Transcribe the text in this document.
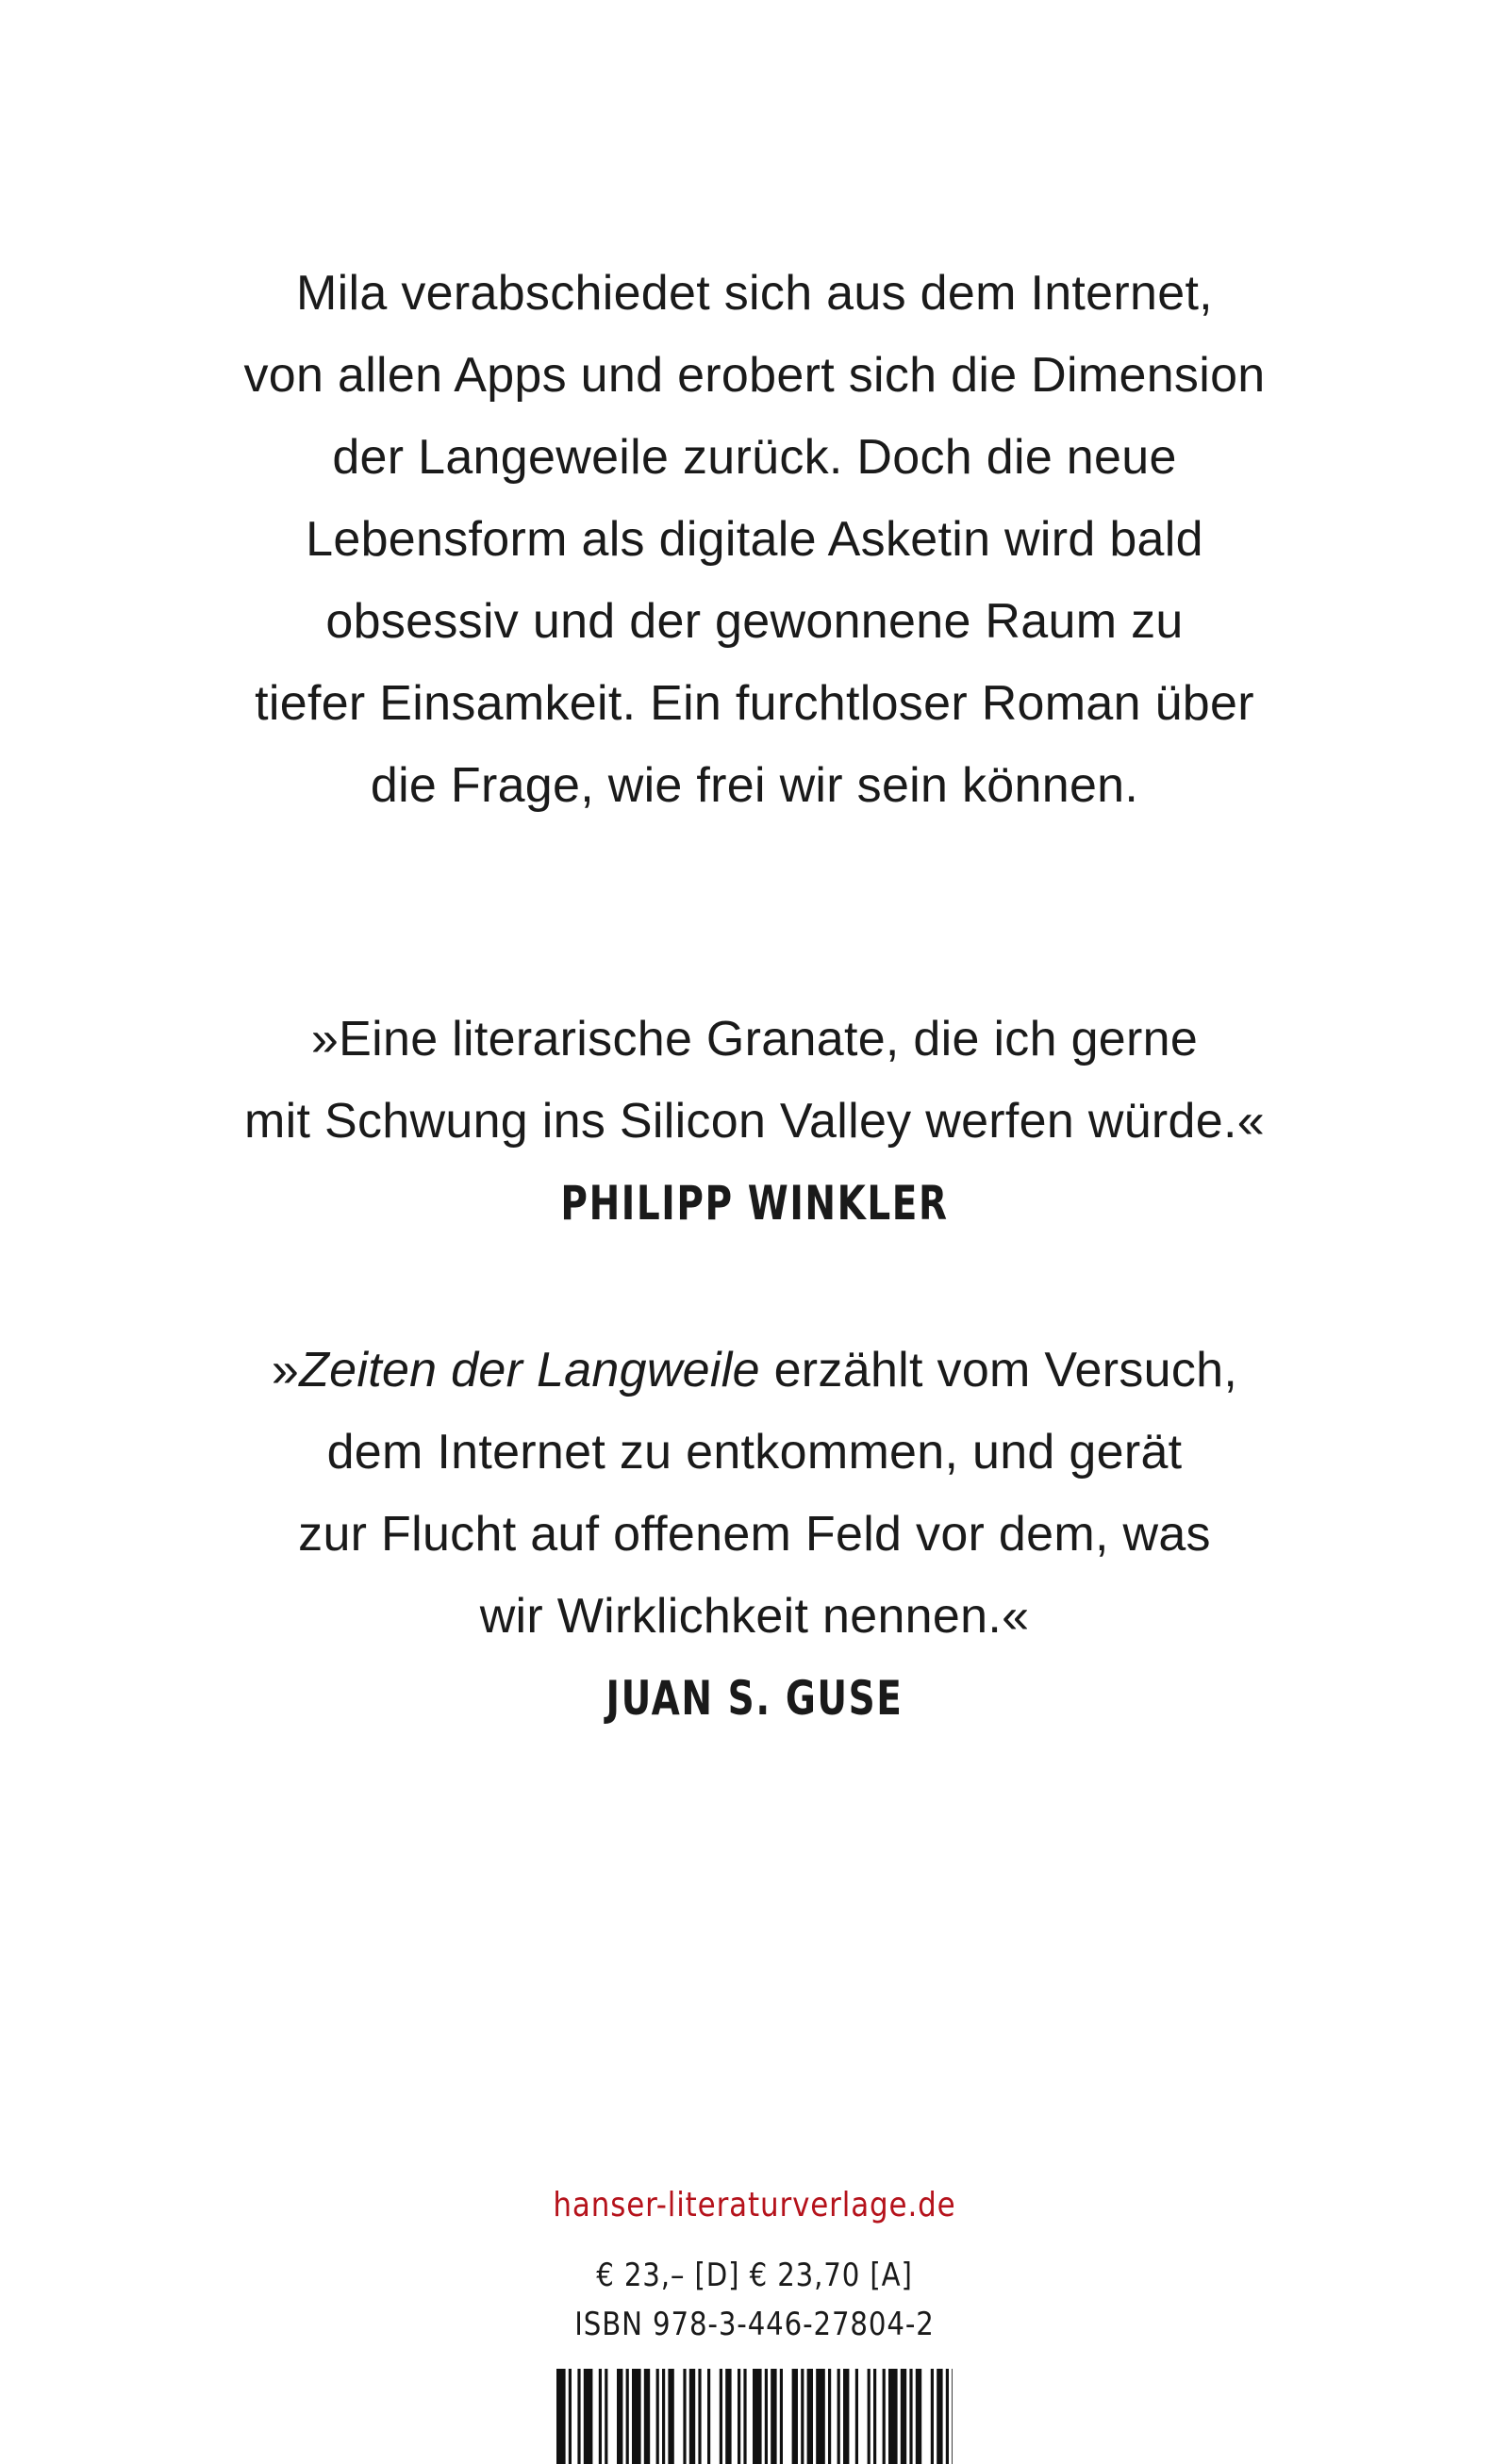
Mila verabschiedet sich aus dem Internet,
von allen Apps und erobert sich die Dimension
der Langeweile zurück. Doch die neue
Lebensform als digitale Asketin wird bald
obsessiv und der gewonnene Raum zu
tiefer Einsamkeit. Ein furchtloser Roman über
die Frage, wie frei wir sein können.
»Eine literarische Granate, die ich gerne
mit Schwung ins Silicon Valley werfen würde.«
PHILIPP WINKLER
»Zeiten der Langweile erzählt vom Versuch,
dem Internet zu entkommen, und gerät
zur Flucht auf offenem Feld vor dem, was
wir Wirklichkeit nennen.«
JUAN S. GUSE
hanser-literaturverlage.de
€ 23,– [D] € 23,70 [A]
ISBN 978-3-446-27804-2
